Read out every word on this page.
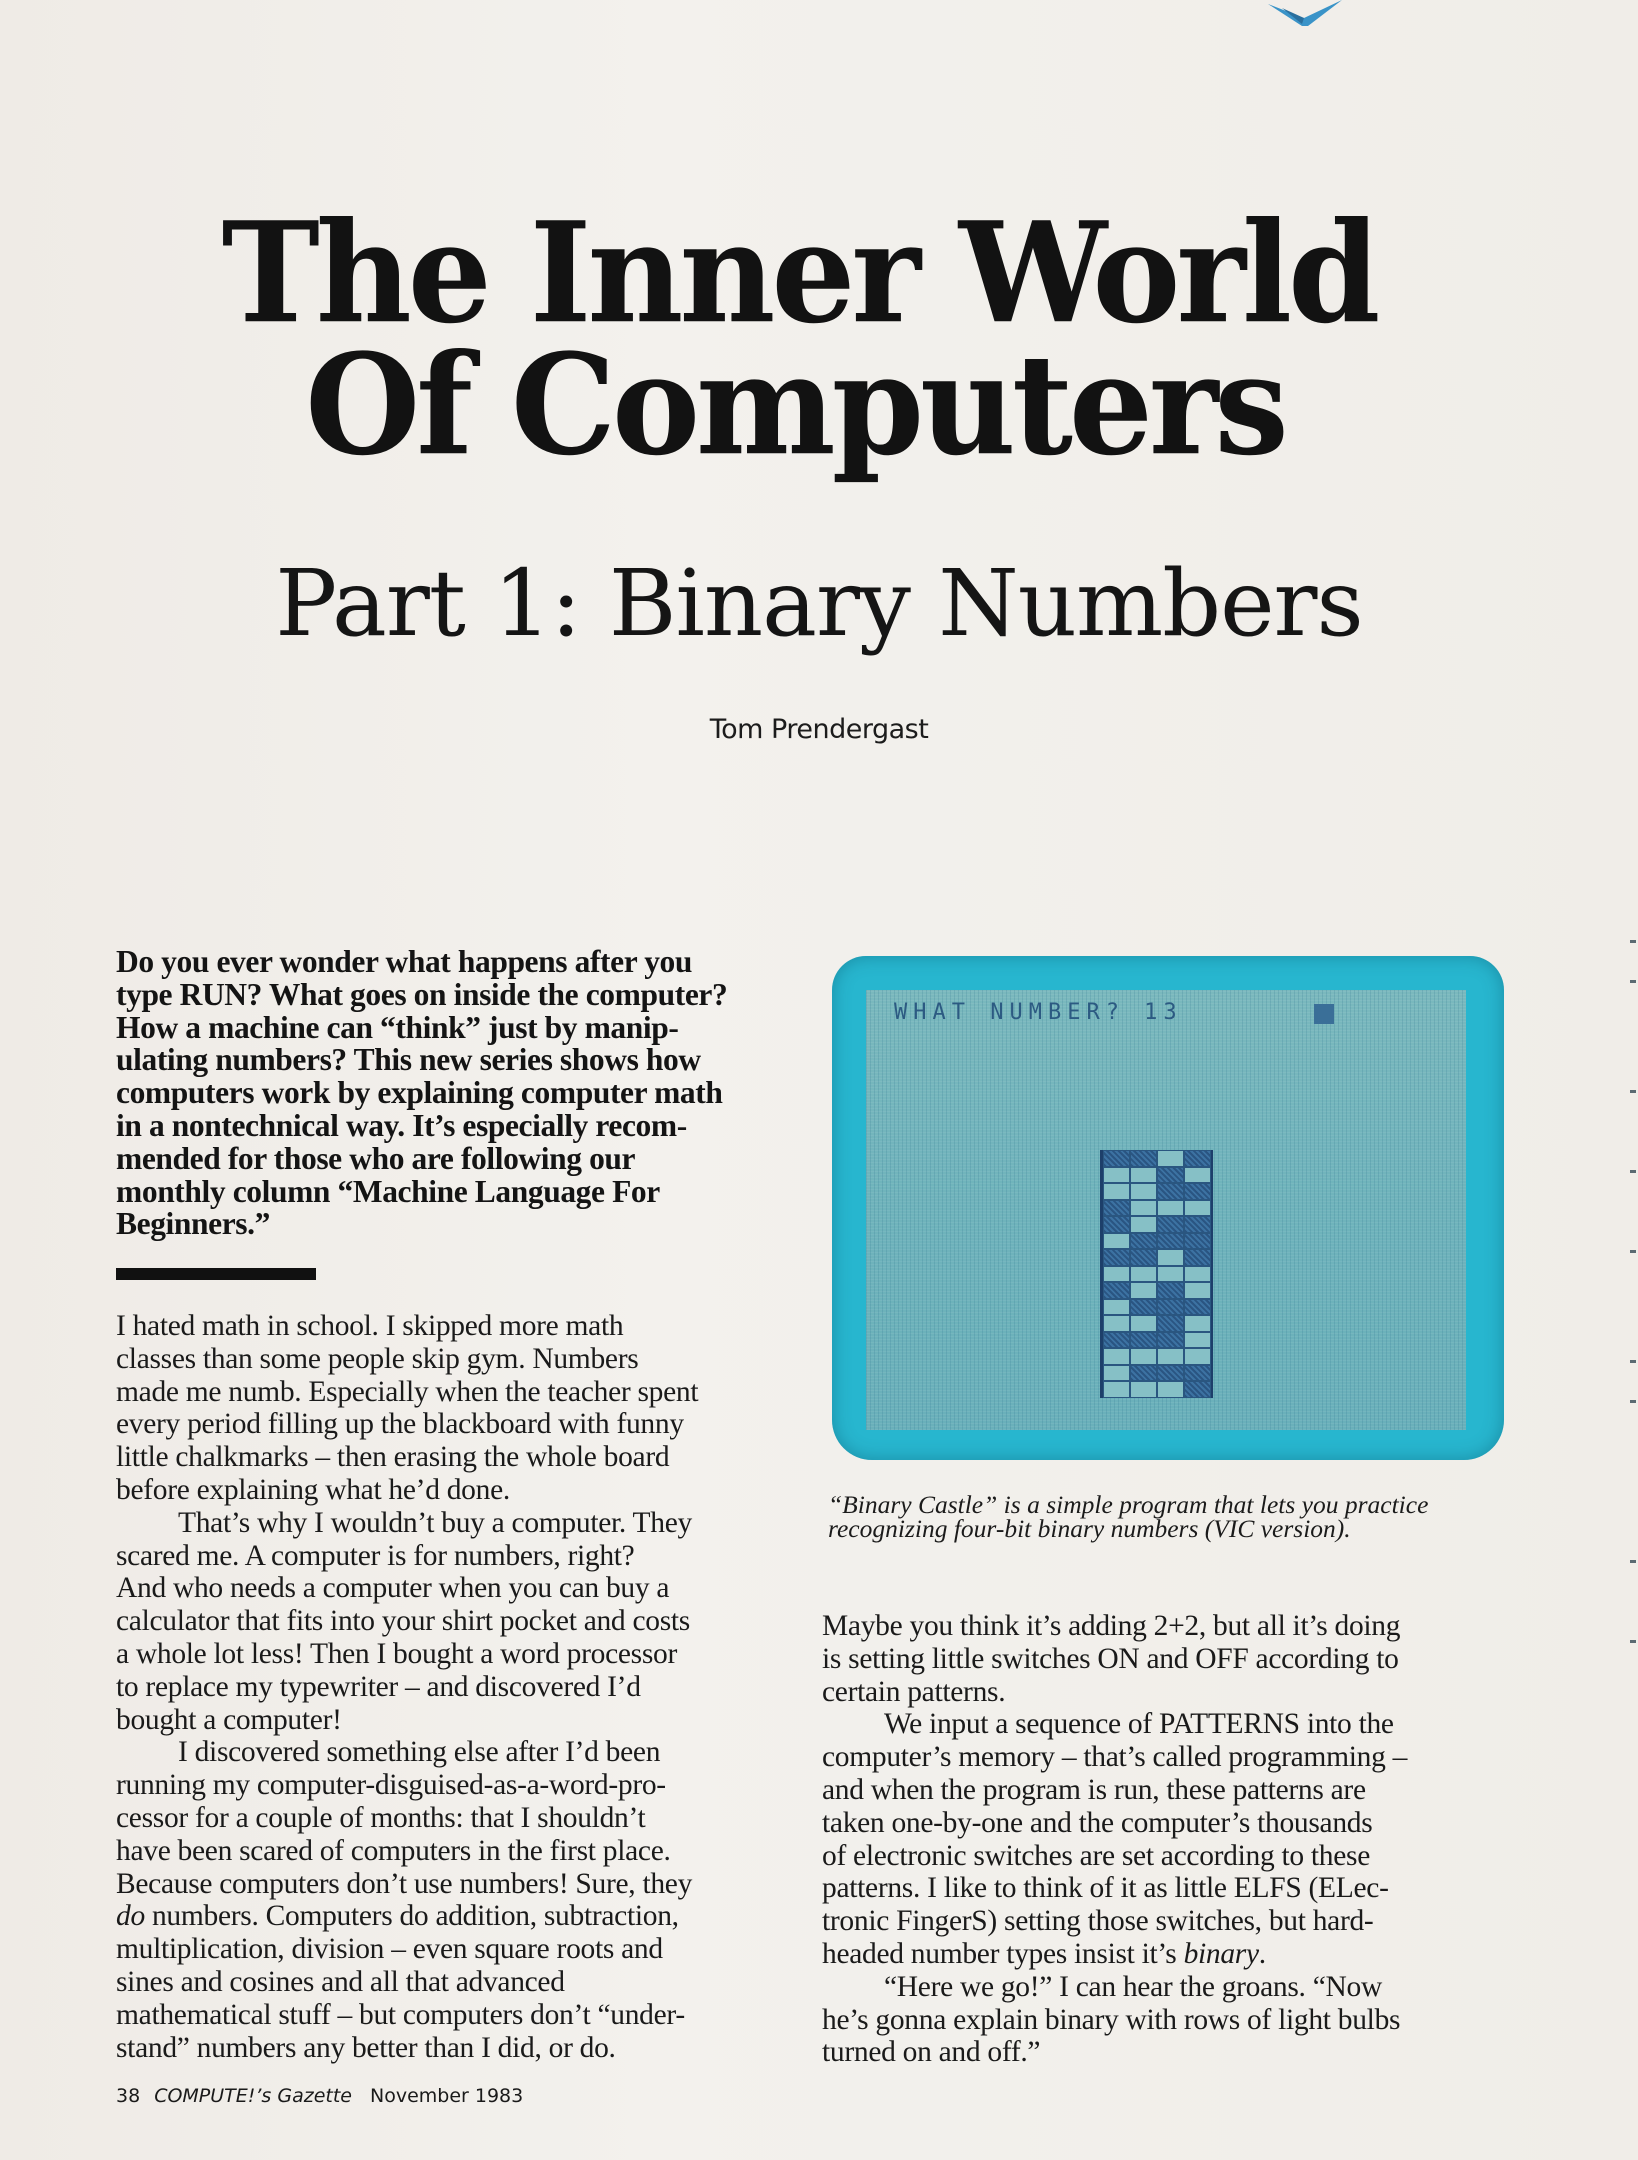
The Inner World
Of Computers
Part 1: Binary Numbers
Tom Prendergast
Do you ever wonder what happens after you
type RUN? What goes on inside the computer?
How a machine can “think” just by manip-
ulating numbers? This new series shows how
computers work by explaining computer math
in a nontechnical way. It’s especially recom-
mended for those who are following our
monthly column “Machine Language For
Beginners.”

I hated math in school. I skipped more math
classes than some people skip gym. Numbers
made me numb. Especially when the teacher spent
every period filling up the blackboard with funny
little chalkmarks – then erasing the whole board
before explaining what he’d done.

That’s why I wouldn’t buy a computer. They
scared me. A computer is for numbers, right?
And who needs a computer when you can buy a
calculator that fits into your shirt pocket and costs
a whole lot less! Then I bought a word processor
to replace my typewriter – and discovered I’d
bought a computer!

I discovered something else after I’d been
running my computer-disguised-as-a-word-pro-
cessor for a couple of months: that I shouldn’t
have been scared of computers in the first place.
Because computers don’t use numbers! Sure, they
do numbers. Computers do addition, subtraction,
multiplication, division – even square roots and
sines and cosines and all that advanced
mathematical stuff – but computers don’t “under-
stand” numbers any better than I did, or do.

WHAT NUMBER? 13
“Binary Castle” is a simple program that lets you practice
recognizing four-bit binary numbers (VIC version).

Maybe you think it’s adding 2+2, but all it’s doing
is setting little switches ON and OFF according to
certain patterns.

We input a sequence of PATTERNS into the
computer’s memory – that’s called programming –
and when the program is run, these patterns are
taken one-by-one and the computer’s thousands
of electronic switches are set according to these
patterns. I like to think of it as little ELFS (ELec-
tronic FingerS) setting those switches, but hard-
headed number types insist it’s binary.

“Here we go!” I can hear the groans. “Now
he’s gonna explain binary with rows of light bulbs
turned on and off.”

38 COMPUTE!’s Gazette November 1983
